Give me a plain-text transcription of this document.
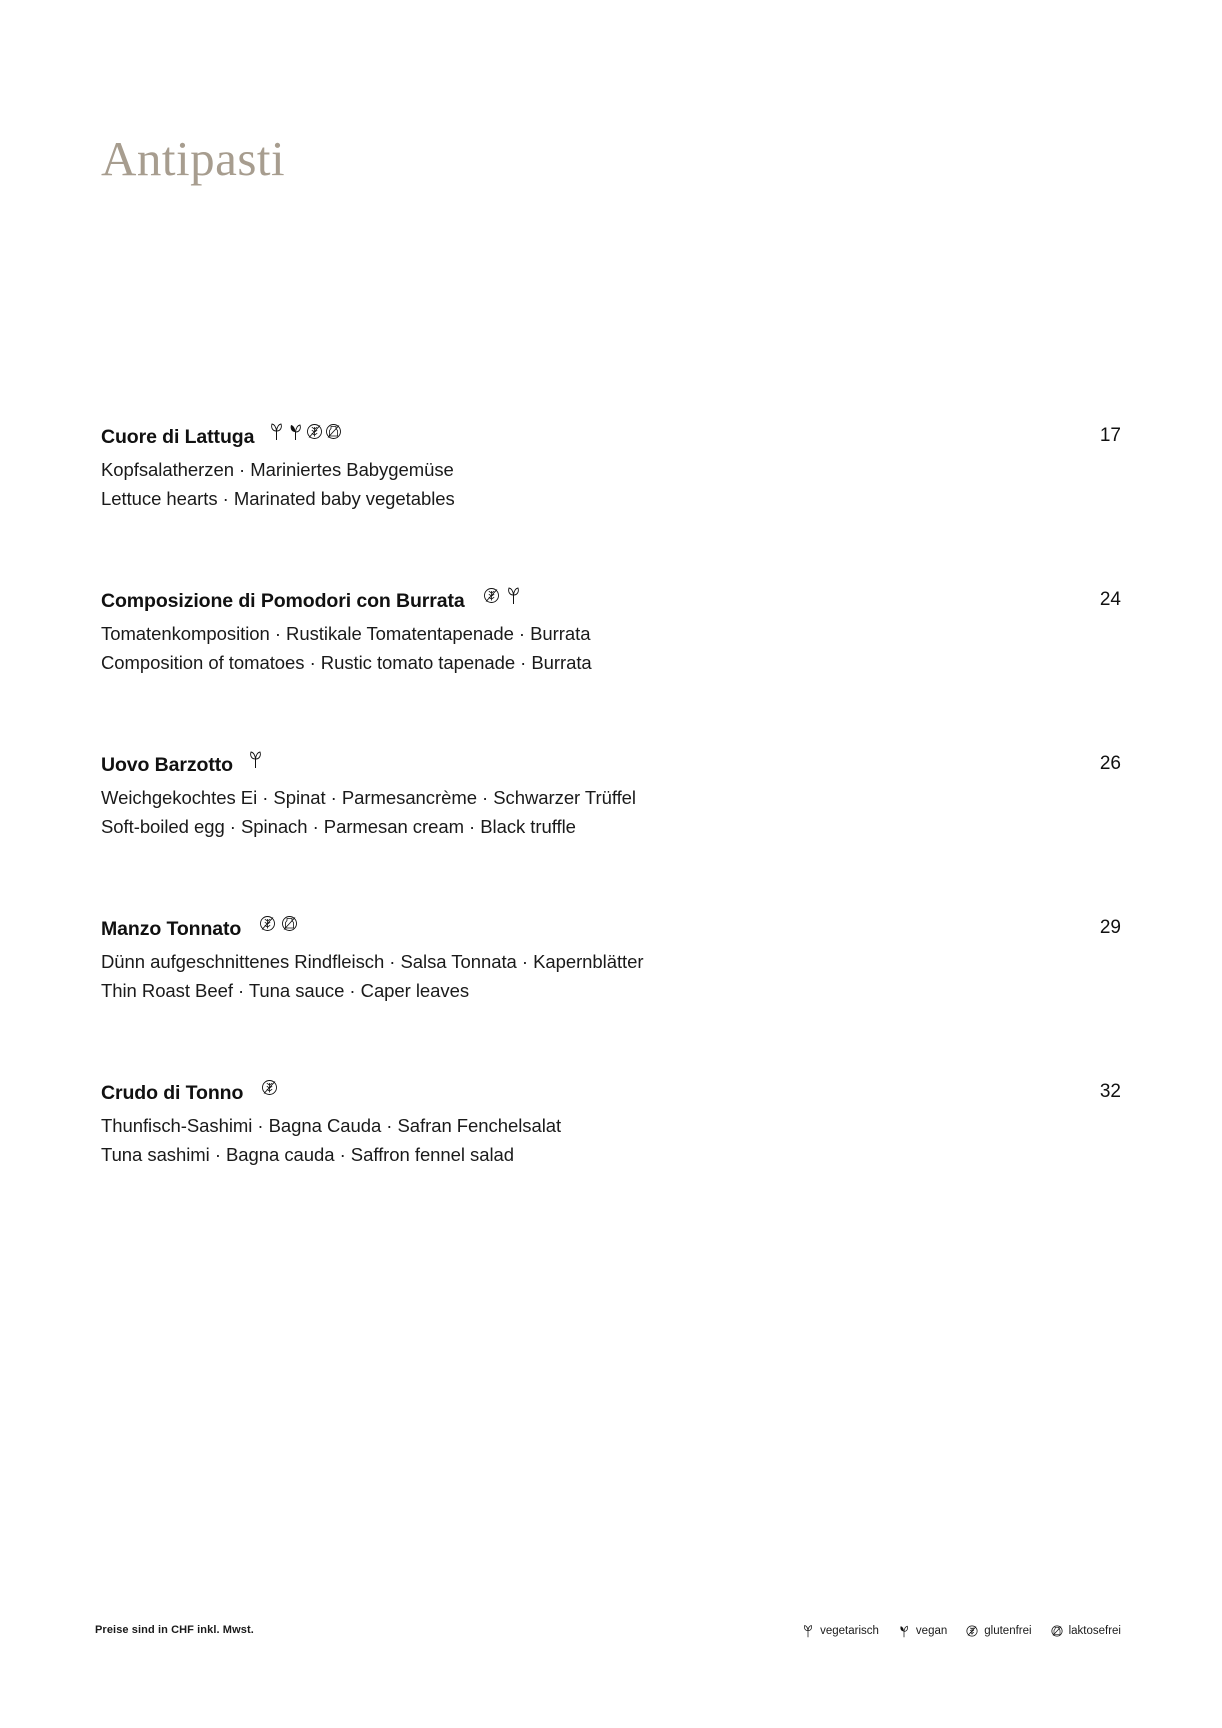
Antipasti
Cuore di Lattuga	17
Kopfsalatherzen · Mariniertes Babygemüse
Lettuce hearts · Marinated baby vegetables
Composizione di Pomodori con Burrata	24
Tomatenkomposition · Rustikale Tomatentapenade · Burrata
Composition of tomatoes · Rustic tomato tapenade · Burrata
Uovo Barzotto	26
Weichgekochtes Ei · Spinat · Parmesancrème · Schwarzer Trüffel
Soft-boiled egg · Spinach · Parmesan cream · Black truffle
Manzo Tonnato	29
Dünn aufgeschnittenes Rindfleisch · Salsa Tonnata · Kapernblätter
Thin Roast Beef · Tuna sauce · Caper leaves
Crudo di Tonno	32
Thunfisch-Sashimi · Bagna Cauda · Safran Fenchelsalat
Tuna sashimi · Bagna cauda · Saffron fennel salad
Preise sind in CHF inkl. Mwst.	vegetarisch	vegan	glutenfrei	laktosefrei
